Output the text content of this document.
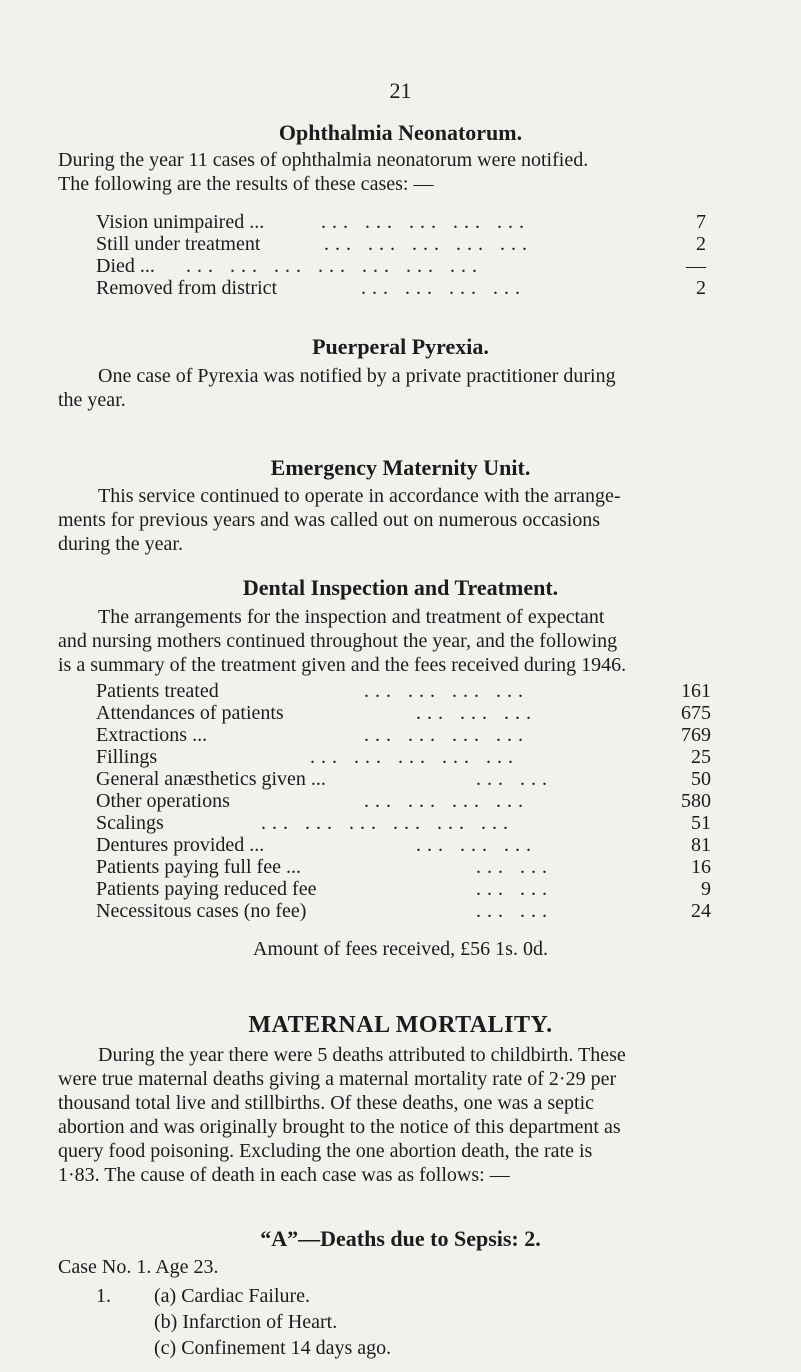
21
Ophthalmia Neonatorum.
During the year 11 cases of ophthalmia neonatorum were notified.
The following are the results of these cases: —
Vision unimpaired ...	... ... ... ... ...	7
Still under treatment	... ... ... ... ...	2
Died ... ... ... ... ... ... ... ...	—
Removed from district	... ... ... ...	2
Puerperal Pyrexia.
One case of Pyrexia was notified by a private practitioner during
the year.
Emergency Maternity Unit.
This service continued to operate in accordance with the arrange-
ments for previous years and was called out on numerous occasions
during the year.
Dental Inspection and Treatment.
The arrangements for the inspection and treatment of expectant
and nursing mothers continued throughout the year, and the following
is a summary of the treatment given and the fees received during 1946.
Patients treated	... ... ... ...	161
Attendances of patients	... ... ...	675
Extractions ...	... ... ... ...	769
Fillings	... ... ... ... ...	25
General anæsthetics given ...	... ...	50
Other operations	... ... ... ...	580
Scalings	... ... ... ... ... ...	51
Dentures provided ...	... ... ...	81
Patients paying full fee ...	... ...	16
Patients paying reduced fee	... ...	9
Necessitous cases (no fee)	... ...	24
Amount of fees received, £56 1s. 0d.
MATERNAL MORTALITY.
During the year there were 5 deaths attributed to childbirth. These
were true maternal deaths giving a maternal mortality rate of 2·29 per
thousand total live and stillbirths. Of these deaths, one was a septic
abortion and was originally brought to the notice of this department as
query food poisoning. Excluding the one abortion death, the rate is
1·83. The cause of death in each case was as follows: —
“A”—Deaths due to Sepsis: 2.
Case No. 1. Age 23.
1. (a) Cardiac Failure.
(b) Infarction of Heart.
(c) Confinement 14 days ago.
